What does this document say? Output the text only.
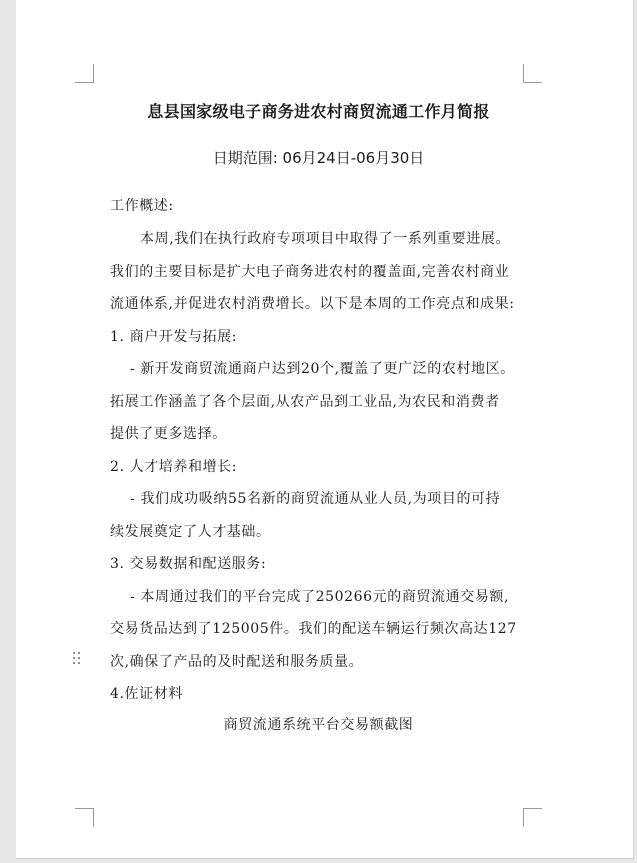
息县国家级电子商务进农村商贸流通工作月简报
日期范围: 06月24日-06月30日
工作概述:
本周,我们在执行政府专项项目中取得了一系列重要进展。
我们的主要目标是扩大电子商务进农村的覆盖面,完善农村商业
流通体系,并促进农村消费增长。以下是本周的工作亮点和成果:
1. 商户开发与拓展:
- 新开发商贸流通商户达到20个,覆盖了更广泛的农村地区。
拓展工作涵盖了各个层面,从农产品到工业品,为农民和消费者
提供了更多选择。
2. 人才培养和增长:
- 我们成功吸纳55名新的商贸流通从业人员,为项目的可持
续发展奠定了人才基础。
3. 交易数据和配送服务:
- 本周通过我们的平台完成了250266元的商贸流通交易额,
交易货品达到了125005件。我们的配送车辆运行频次高达127
次,确保了产品的及时配送和服务质量。
4.佐证材料
商贸流通系统平台交易额截图
